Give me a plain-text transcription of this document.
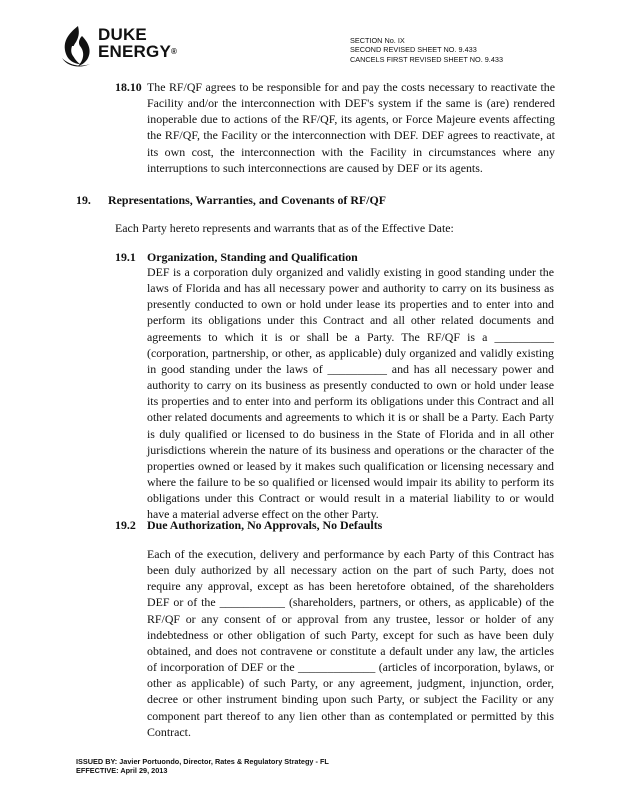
DUKE
ENERGY®
SECTION No. IX
SECOND REVISED SHEET NO. 9.433
CANCELS FIRST REVISED SHEET NO. 9.433
18.10 The RF/QF agrees to be responsible for and pay the costs necessary to reactivate the Facility and/or the interconnection with DEF's system if the same is (are) rendered inoperable due to actions of the RF/QF, its agents, or Force Majeure events affecting the RF/QF, the Facility or the interconnection with DEF. DEF agrees to reactivate, at its own cost, the interconnection with the Facility in circumstances where any interruptions to such interconnections are caused by DEF or its agents.
19. Representations, Warranties, and Covenants of RF/QF
Each Party hereto represents and warrants that as of the Effective Date:
19.1 Organization, Standing and Qualification
DEF is a corporation duly organized and validly existing in good standing under the laws of Florida and has all necessary power and authority to carry on its business as presently conducted to own or hold under lease its properties and to enter into and perform its obligations under this Contract and all other related documents and agreements to which it is or shall be a Party. The RF/QF is a __________ (corporation, partnership, or other, as applicable) duly organized and validly existing in good standing under the laws of __________ and has all necessary power and authority to carry on its business as presently conducted to own or hold under lease its properties and to enter into and perform its obligations under this Contract and all other related documents and agreements to which it is or shall be a Party. Each Party is duly qualified or licensed to do business in the State of Florida and in all other jurisdictions wherein the nature of its business and operations or the character of the properties owned or leased by it makes such qualification or licensing necessary and where the failure to be so qualified or licensed would impair its ability to perform its obligations under this Contract or would result in a material liability to or would have a material adverse effect on the other Party.
19.2 Due Authorization, No Approvals, No Defaults
Each of the execution, delivery and performance by each Party of this Contract has been duly authorized by all necessary action on the part of such Party, does not require any approval, except as has been heretofore obtained, of the shareholders DEF or of the ___________ (shareholders, partners, or others, as applicable) of the RF/QF or any consent of or approval from any trustee, lessor or holder of any indebtedness or other obligation of such Party, except for such as have been duly obtained, and does not contravene or constitute a default under any law, the articles of incorporation of DEF or the _____________ (articles of incorporation, bylaws, or other as applicable) of such Party, or any agreement, judgment, injunction, order, decree or other instrument binding upon such Party, or subject the Facility or any component part thereof to any lien other than as contemplated or permitted by this Contract.
ISSUED BY: Javier Portuondo, Director, Rates & Regulatory Strategy - FL
EFFECTIVE: April 29, 2013
